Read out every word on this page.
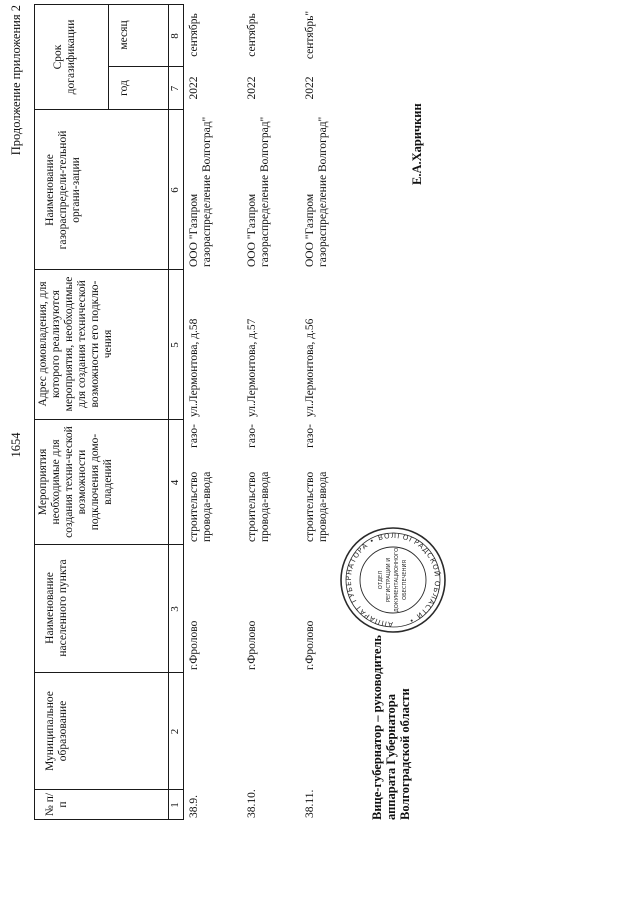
1654
Продолжение приложения 2
№ п/п
Муниципальное образование
Наименование населенного пункта
Мероприятия необходимые для создания техни-ческой возможности подключения домо-владений
Адрес домовладения, для которого реализуются мероприятия, необходимые для создания технической возможности его подклю-чения
Наименование газораспредели-тельной органи-зации
Срок догазификации	год
месяц
1
2
3
4
5
6
7
8
38.9.
г.Фролово
строительство газо-провода-ввода
ул.Лермонтова, д.58
ООО "Газпром газораспределение Волгоград"
2022
сентябрь
38.10.
г.Фролово
строительство газо-провода-ввода
ул.Лермонтова, д.57
ООО "Газпром газораспределение Волгоград"
2022
сентябрь
38.11.
г.Фролово
строительство газо-провода-ввода
ул.Лермонтова, д.56
ООО "Газпром газораспределение Волгоград"
2022
сентябрь"
Вице-губернатор – руководитель аппарата Губернатора Волгоградской области
Е.А.Харичкин
АППАРАТ ГУБЕРНАТОРА • ВОЛГОГРАДСКОЙ ОБЛАСТИ •
ОТДЕЛ РЕГИСТРАЦИИ И ДОКУМЕНТАЦИОННОГО ОБЕСПЕЧЕНИЯ
